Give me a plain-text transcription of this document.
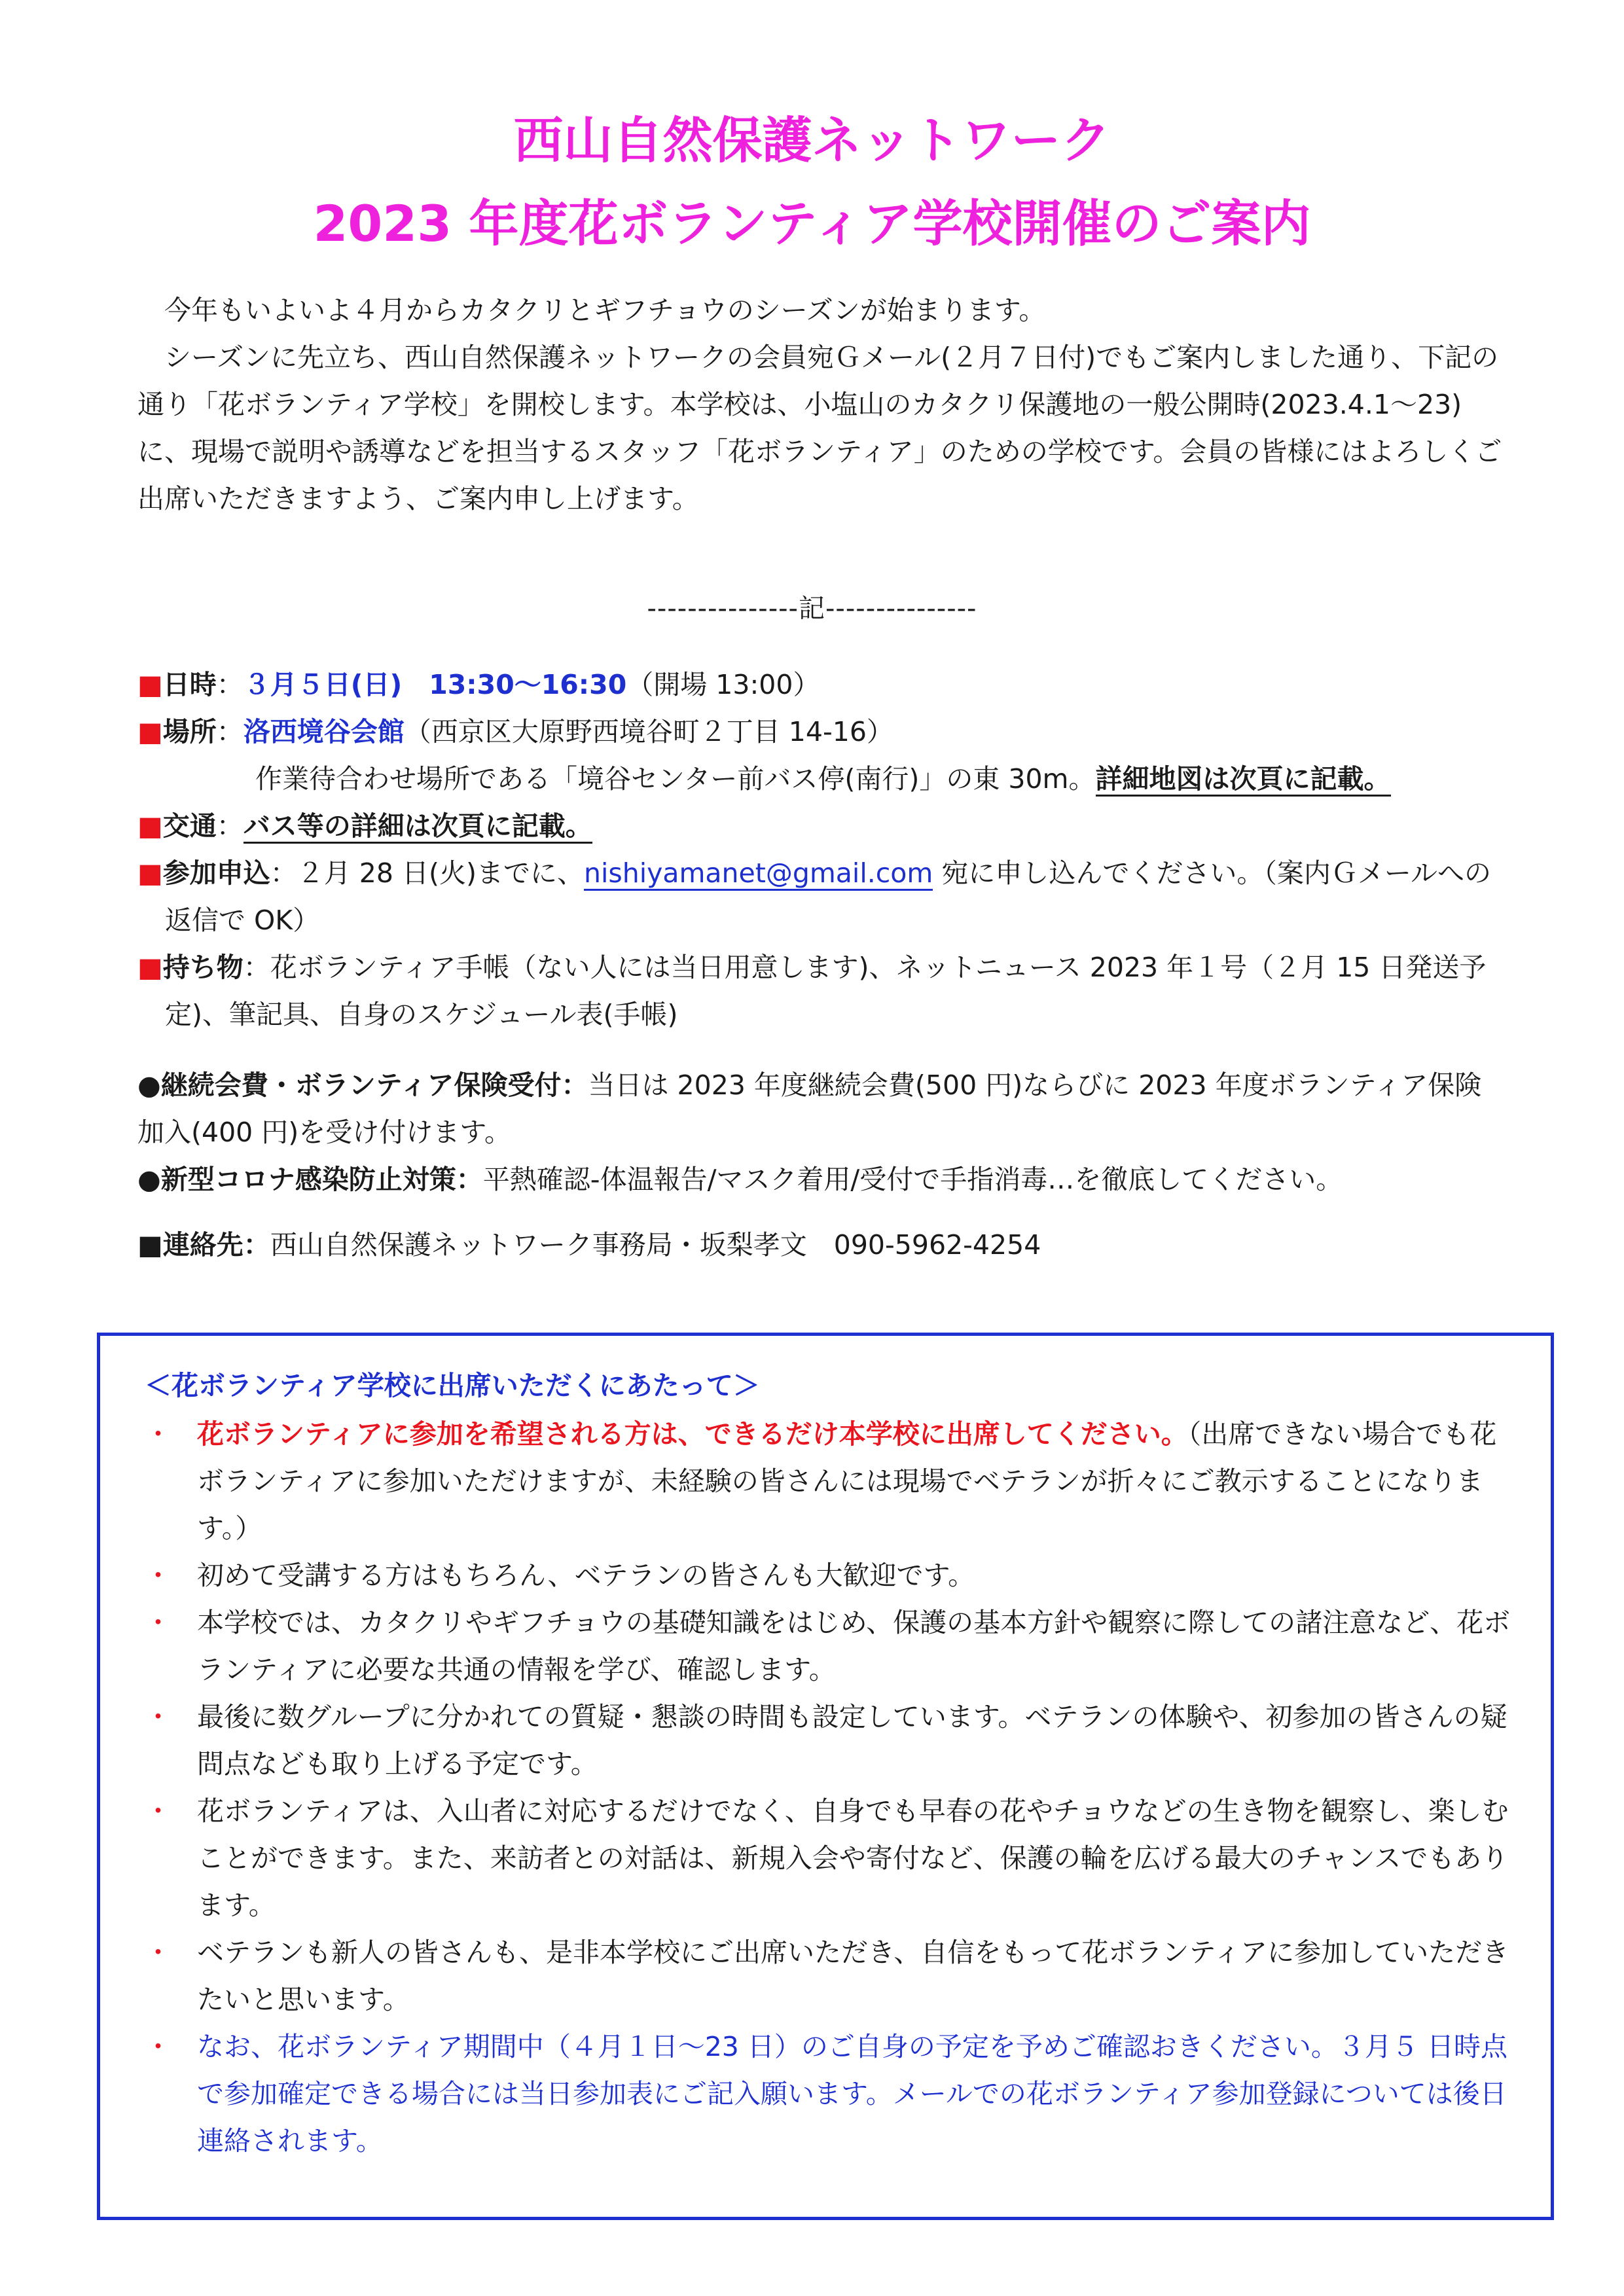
西山自然保護ネットワーク
2023 年度花ボランティア学校開催のご案内

今年もいよいよ４月からカタクリとギフチョウのシーズンが始まります。

シーズンに先立ち、西山自然保護ネットワークの会員宛Ｇメール(２月７日付)でもご案内しました通り、下記の通り「花ボランティア学校」を開校します。本学校は、小塩山のカタクリ保護地の一般公開時(2023.4.1～23)に、現場で説明や誘導などを担当するスタッフ「花ボランティア」のための学校です。会員の皆様にはよろしくご出席いただきますよう、ご案内申し上げます。

---------------記---------------

■日時：３月５日(日)　13:30～16:30（開場 13:00）

■場所：洛西境谷会館（西京区大原野西境谷町２丁目 14-16）

作業待合わせ場所である「境谷センター前バス停(南行)」の東 30m。詳細地図は次頁に記載。

■交通：バス等の詳細は次頁に記載。

■参加申込：２月 28 日(火)までに、nishiyamanet@gmail.com 宛に申し込んでください。（案内Ｇメールへの返信で OK）

■持ち物：花ボランティア手帳（ない人には当日用意します)、ネットニュース 2023 年１号（２月 15 日発送予定)、筆記具、自身のスケジュール表(手帳)

●継続会費・ボランティア保険受付：当日は 2023 年度継続会費(500 円)ならびに 2023 年度ボランティア保険加入(400 円)を受け付けます。

●新型コロナ感染防止対策：平熱確認-体温報告/マスク着用/受付で手指消毒…を徹底してください。

■連絡先：西山自然保護ネットワーク事務局・坂梨孝文　090-5962-4254

＜花ボランティア学校に出席いただくにあたって＞

・ 花ボランティアに参加を希望される方は、できるだけ本学校に出席してください。（出席できない場合でも花ボランティアに参加いただけますが、未経験の皆さんには現場でベテランが折々にご教示することになります。）

・ 初めて受講する方はもちろん、ベテランの皆さんも大歓迎です。

・ 本学校では、カタクリやギフチョウの基礎知識をはじめ、保護の基本方針や観察に際しての諸注意など、花ボランティアに必要な共通の情報を学び、確認します。

・ 最後に数グループに分かれての質疑・懇談の時間も設定しています。ベテランの体験や、初参加の皆さんの疑問点なども取り上げる予定です。

・ 花ボランティアは、入山者に対応するだけでなく、自身でも早春の花やチョウなどの生き物を観察し、楽しむことができます。また、来訪者との対話は、新規入会や寄付など、保護の輪を広げる最大のチャンスでもあります。

・ ベテランも新人の皆さんも、是非本学校にご出席いただき、自信をもって花ボランティアに参加していただきたいと思います。

・ なお、花ボランティア期間中（４月１日～23 日）のご自身の予定を予めご確認おきください。３月５ 日時点で参加確定できる場合には当日参加表にご記入願います。メールでの花ボランティア参加登録については後日連絡されます。
